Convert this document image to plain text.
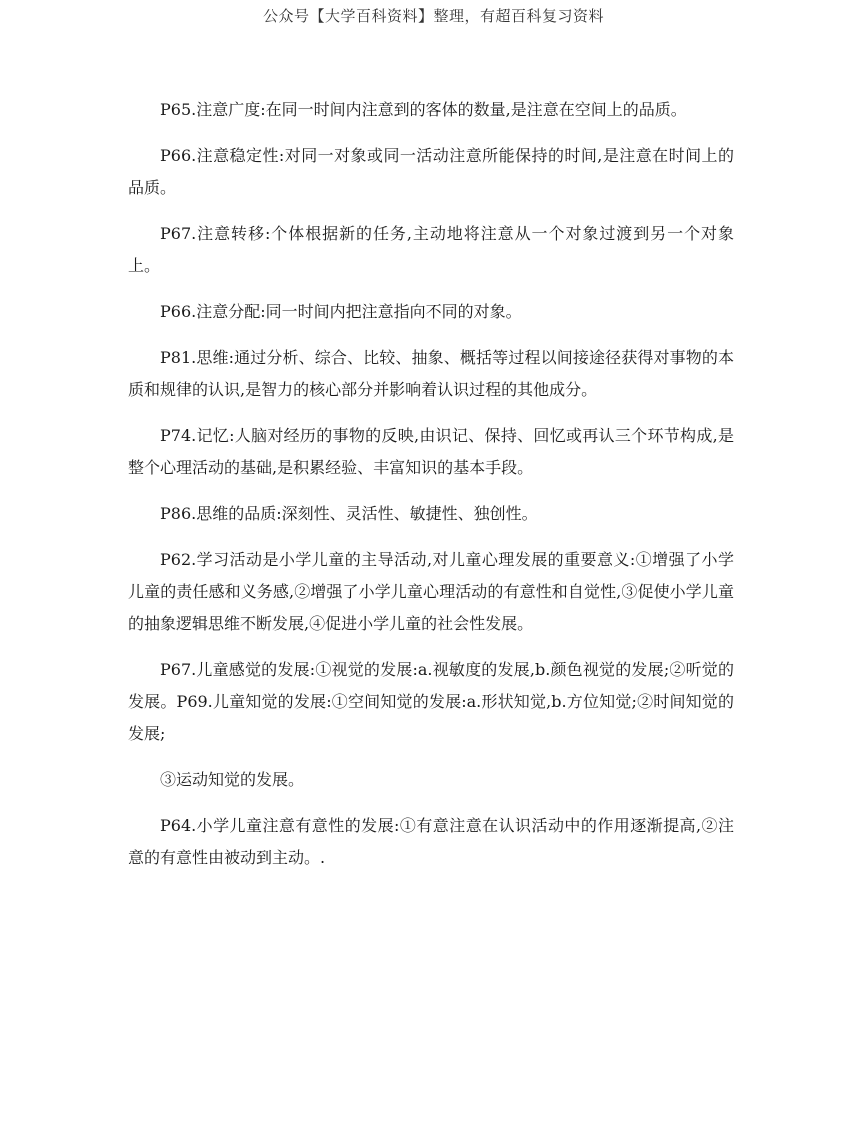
公众号【大学百科资料】整理，有超百科复习资料

P65.注意广度:在同一时间内注意到的客体的数量,是注意在空间上的品质。

P66.注意稳定性:对同一对象或同一活动注意所能保持的时间,是注意在时间上的品质。

P67.注意转移:个体根据新的任务,主动地将注意从一个对象过渡到另一个对象上。

P66.注意分配:同一时间内把注意指向不同的对象。

P81.思维:通过分析、综合、比较、抽象、概括等过程以间接途径获得对事物的本质和规律的认识,是智力的核心部分并影响着认识过程的其他成分。

P74.记忆:人脑对经历的事物的反映,由识记、保持、回忆或再认三个环节构成,是整个心理活动的基础,是积累经验、丰富知识的基本手段。

P86.思维的品质:深刻性、灵活性、敏捷性、独创性。

P62.学习活动是小学儿童的主导活动,对儿童心理发展的重要意义:①增强了小学儿童的责任感和义务感,②增强了小学儿童心理活动的有意性和自觉性,③促使小学儿童的抽象逻辑思维不断发展,④促进小学儿童的社会性发展。

P67.儿童感觉的发展:①视觉的发展:a.视敏度的发展,b.颜色视觉的发展;②听觉的发展。P69.儿童知觉的发展:①空间知觉的发展:a.形状知觉,b.方位知觉;②时间知觉的发展;

③运动知觉的发展。

P64.小学儿童注意有意性的发展:①有意注意在认识活动中的作用逐渐提高,②注意的有意性由被动到主动。.
